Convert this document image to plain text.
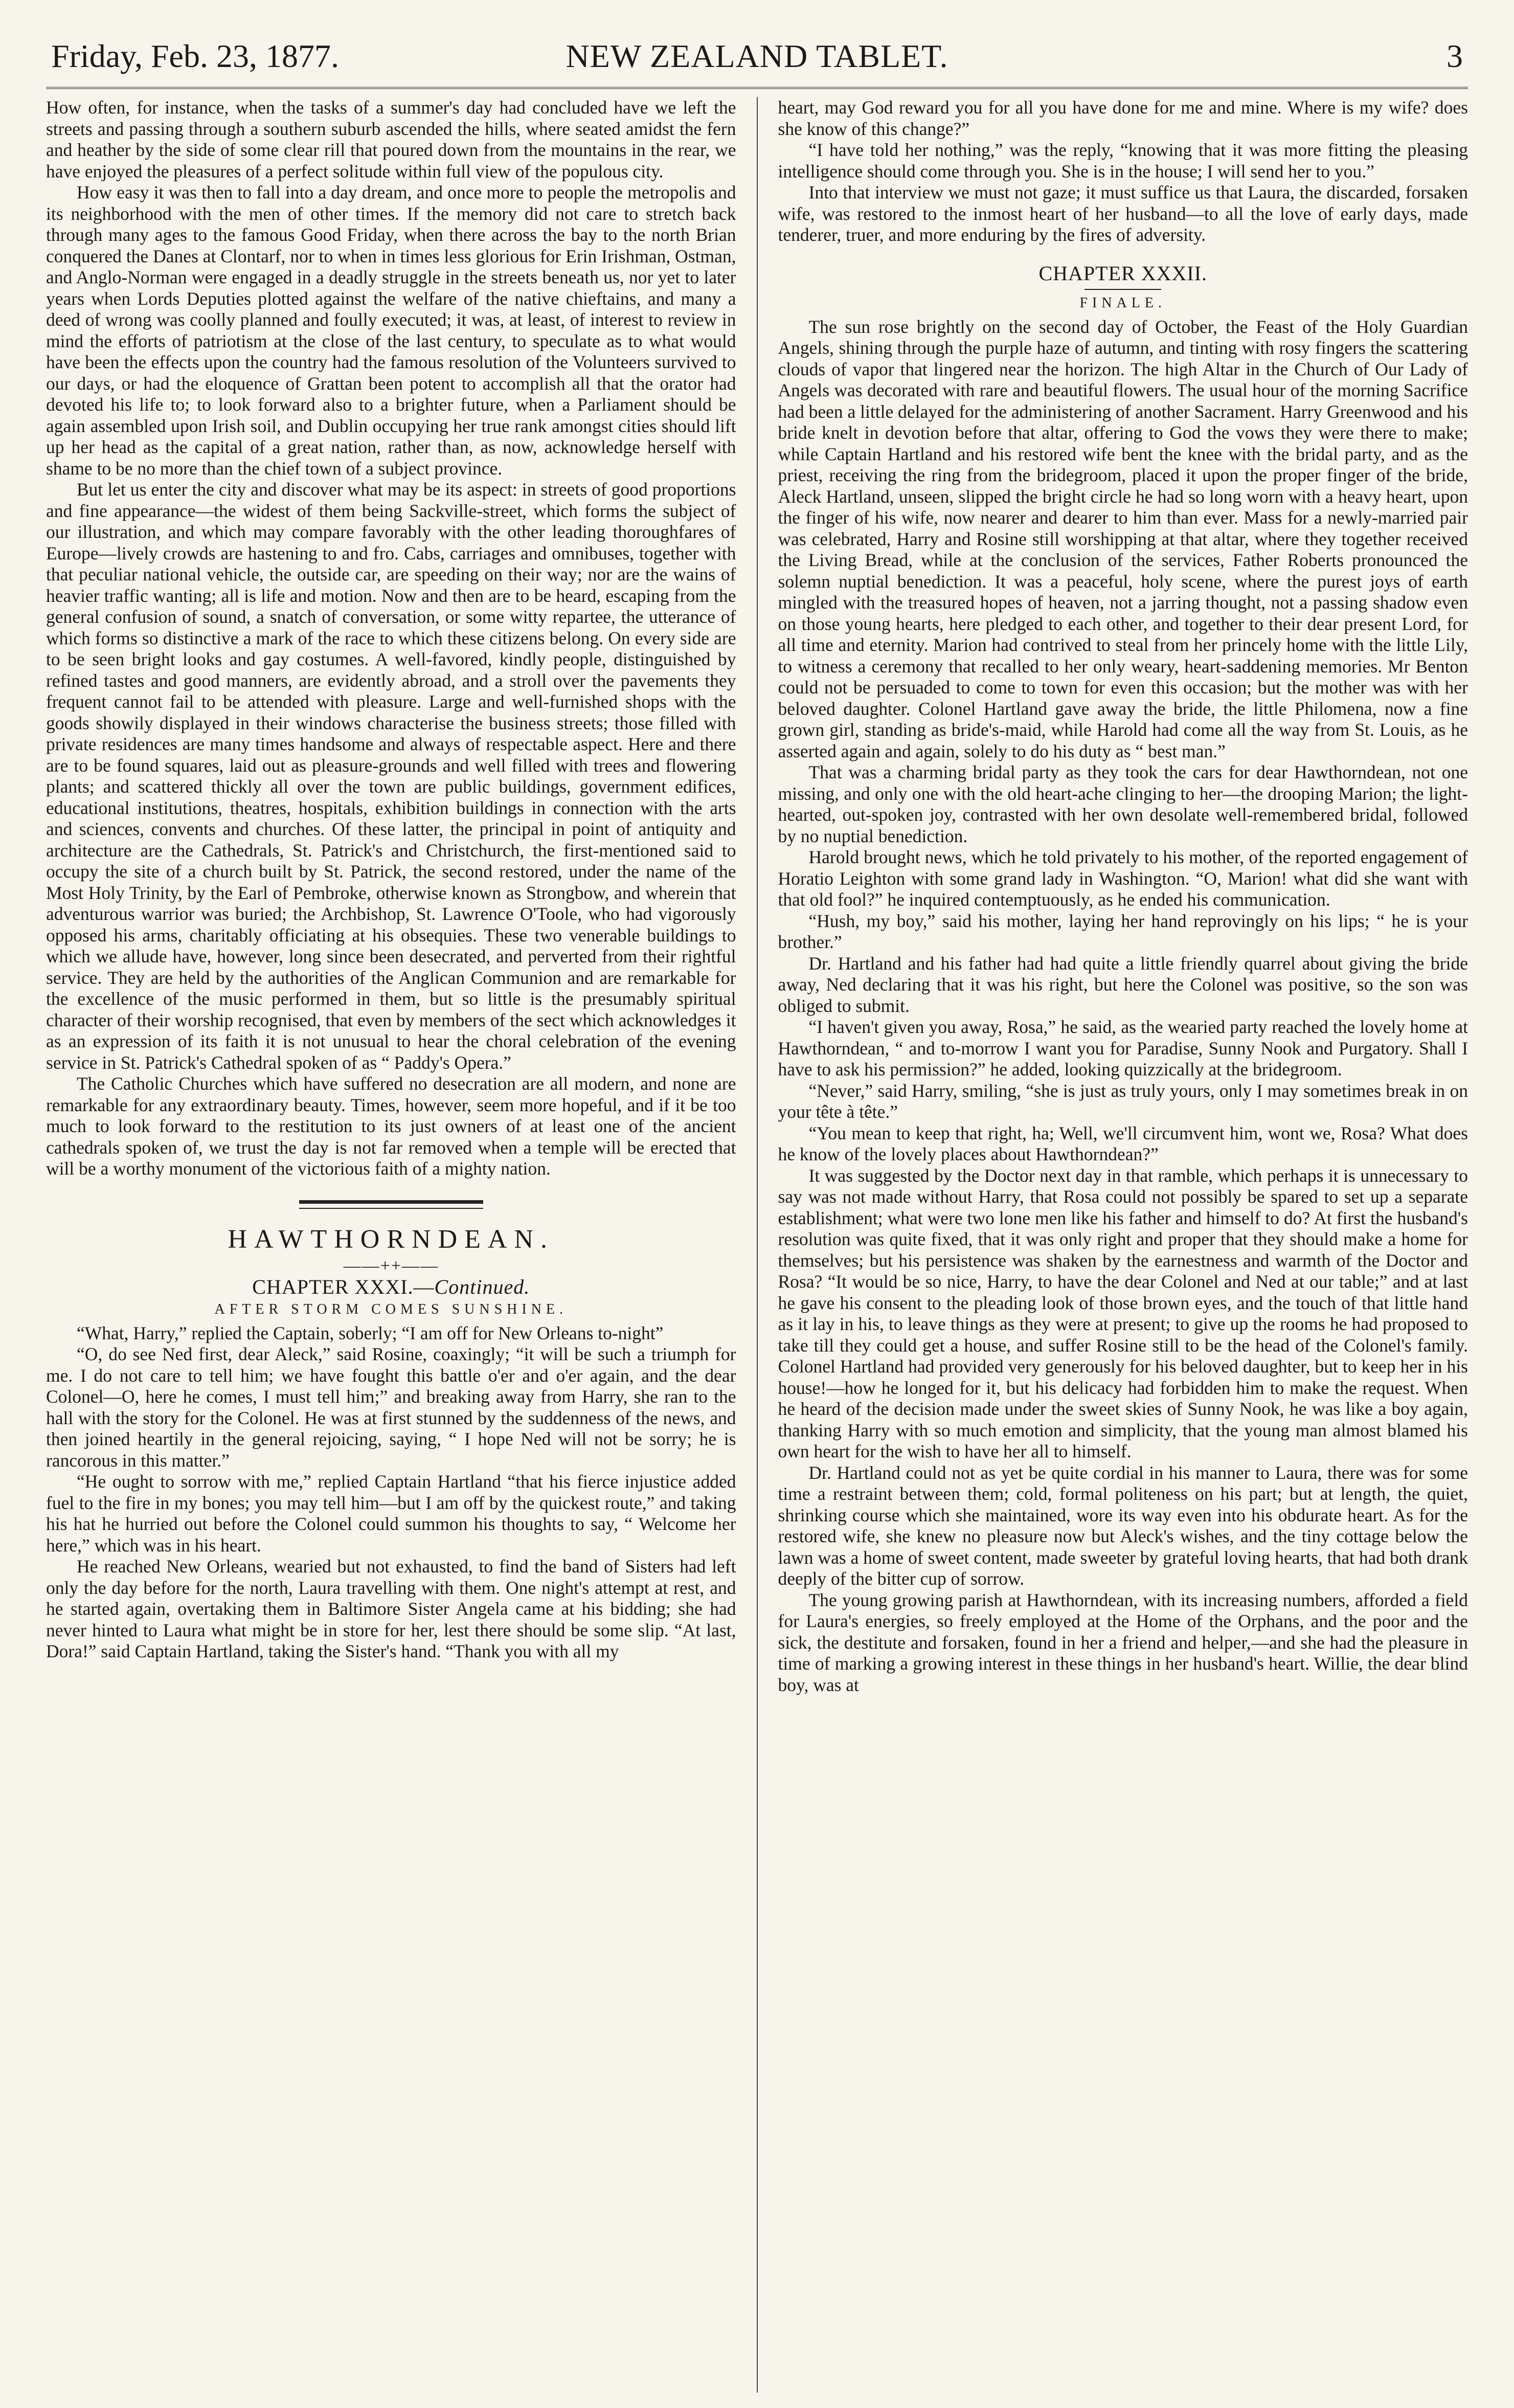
Friday, Feb. 23, 1877.	NEW ZEALAND TABLET.	3

How often, for instance, when the tasks of a summer's day had concluded have we left the streets and passing through a southern suburb ascended the hills, where seated amidst the fern and heather by the side of some clear rill that poured down from the mountains in the rear, we have enjoyed the pleasures of a perfect solitude within full view of the populous city.

How easy it was then to fall into a day dream, and once more to people the metropolis and its neighborhood with the men of other times. If the memory did not care to stretch back through many ages to the famous Good Friday, when there across the bay to the north Brian conquered the Danes at Clontarf, nor to when in times less glorious for Erin Irishman, Ostman, and Anglo-Norman were engaged in a deadly struggle in the streets beneath us, nor yet to later years when Lords Deputies plotted against the welfare of the native chieftains, and many a deed of wrong was coolly planned and foully executed; it was, at least, of interest to review in mind the efforts of patriotism at the close of the last century, to speculate as to what would have been the effects upon the country had the famous resolution of the Volunteers survived to our days, or had the eloquence of Grattan been potent to accomplish all that the orator had devoted his life to; to look forward also to a brighter future, when a Parliament should be again assembled upon Irish soil, and Dublin occupying her true rank amongst cities should lift up her head as the capital of a great nation, rather than, as now, acknowledge herself with shame to be no more than the chief town of a subject province.

But let us enter the city and discover what may be its aspect: in streets of good proportions and fine appearance—the widest of them being Sackville-street, which forms the subject of our illustration, and which may compare favorably with the other leading thoroughfares of Europe—lively crowds are hastening to and fro. Cabs, carriages and omnibuses, together with that peculiar national vehicle, the outside car, are speeding on their way; nor are the wains of heavier traffic wanting; all is life and motion. Now and then are to be heard, escaping from the general confusion of sound, a snatch of conversation, or some witty repartee, the utterance of which forms so distinctive a mark of the race to which these citizens belong. On every side are to be seen bright looks and gay costumes. A well-favored, kindly people, distinguished by refined tastes and good manners, are evidently abroad, and a stroll over the pavements they frequent cannot fail to be attended with pleasure. Large and well-furnished shops with the goods showily displayed in their windows characterise the business streets; those filled with private residences are many times handsome and always of respectable aspect. Here and there are to be found squares, laid out as pleasure-grounds and well filled with trees and flowering plants; and scattered thickly all over the town are public buildings, government edifices, educational institutions, theatres, hospitals, exhibition buildings in connection with the arts and sciences, convents and churches. Of these latter, the principal in point of antiquity and architecture are the Cathedrals, St. Patrick's and Christchurch, the first-mentioned said to occupy the site of a church built by St. Patrick, the second restored, under the name of the Most Holy Trinity, by the Earl of Pembroke, otherwise known as Strongbow, and wherein that adventurous warrior was buried; the Archbishop, St. Lawrence O'Toole, who had vigorously opposed his arms, charitably officiating at his obsequies. These two venerable buildings to which we allude have, however, long since been desecrated, and perverted from their rightful service. They are held by the authorities of the Anglican Communion and are remarkable for the excellence of the music performed in them, but so little is the presumably spiritual character of their worship recognised, that even by members of the sect which acknowledges it as an expression of its faith it is not unusual to hear the choral celebration of the evening service in St. Patrick's Cathedral spoken of as “ Paddy's Opera.”

The Catholic Churches which have suffered no desecration are all modern, and none are remarkable for any extraordinary beauty. Times, however, seem more hopeful, and if it be too much to look forward to the restitution to its just owners of at least one of the ancient cathedrals spoken of, we trust the day is not far removed when a temple will be erected that will be a worthy monument of the victorious faith of a mighty nation.

HAWTHORNDEAN.

——++——

CHAPTER XXXI.—Continued.

AFTER STORM COMES SUNSHINE.

“What, Harry,” replied the Captain, soberly; “I am off for New Orleans to-night”

“O, do see Ned first, dear Aleck,” said Rosine, coaxingly; “it will be such a triumph for me. I do not care to tell him; we have fought this battle o'er and o'er again, and the dear Colonel—O, here he comes, I must tell him;” and breaking away from Harry, she ran to the hall with the story for the Colonel. He was at first stunned by the suddenness of the news, and then joined heartily in the general rejoicing, saying, “ I hope Ned will not be sorry; he is rancorous in this matter.”

“He ought to sorrow with me,” replied Captain Hartland “that his fierce injustice added fuel to the fire in my bones; you may tell him—but I am off by the quickest route,” and taking his hat he hurried out before the Colonel could summon his thoughts to say, “ Welcome her here,” which was in his heart.

He reached New Orleans, wearied but not exhausted, to find the band of Sisters had left only the day before for the north, Laura travelling with them. One night's attempt at rest, and he started again, overtaking them in Baltimore Sister Angela came at his bidding; she had never hinted to Laura what might be in store for her, lest there should be some slip. “At last, Dora!” said Captain Hartland, taking the Sister's hand. “Thank you with all my

heart, may God reward you for all you have done for me and mine. Where is my wife? does she know of this change?”

“I have told her nothing,” was the reply, “knowing that it was more fitting the pleasing intelligence should come through you. She is in the house; I will send her to you.”

Into that interview we must not gaze; it must suffice us that Laura, the discarded, forsaken wife, was restored to the inmost heart of her husband—to all the love of early days, made tenderer, truer, and more enduring by the fires of adversity.

CHAPTER XXXII.

FINALE.

The sun rose brightly on the second day of October, the Feast of the Holy Guardian Angels, shining through the purple haze of autumn, and tinting with rosy fingers the scattering clouds of vapor that lingered near the horizon. The high Altar in the Church of Our Lady of Angels was decorated with rare and beautiful flowers. The usual hour of the morning Sacrifice had been a little delayed for the administering of another Sacrament. Harry Greenwood and his bride knelt in devotion before that altar, offering to God the vows they were there to make; while Captain Hartland and his restored wife bent the knee with the bridal party, and as the priest, receiving the ring from the bridegroom, placed it upon the proper finger of the bride, Aleck Hartland, unseen, slipped the bright circle he had so long worn with a heavy heart, upon the finger of his wife, now nearer and dearer to him than ever. Mass for a newly-married pair was celebrated, Harry and Rosine still worshipping at that altar, where they together received the Living Bread, while at the conclusion of the services, Father Roberts pronounced the solemn nuptial benediction. It was a peaceful, holy scene, where the purest joys of earth mingled with the treasured hopes of heaven, not a jarring thought, not a passing shadow even on those young hearts, here pledged to each other, and together to their dear present Lord, for all time and eternity. Marion had contrived to steal from her princely home with the little Lily, to witness a ceremony that recalled to her only weary, heart-saddening memories. Mr Benton could not be persuaded to come to town for even this occasion; but the mother was with her beloved daughter. Colonel Hartland gave away the bride, the little Philomena, now a fine grown girl, standing as bride's-maid, while Harold had come all the way from St. Louis, as he asserted again and again, solely to do his duty as “ best man.”

That was a charming bridal party as they took the cars for dear Hawthorndean, not one missing, and only one with the old heart-ache clinging to her—the drooping Marion; the light-hearted, out-spoken joy, contrasted with her own desolate well-remembered bridal, followed by no nuptial benediction.

Harold brought news, which he told privately to his mother, of the reported engagement of Horatio Leighton with some grand lady in Washington. “O, Marion! what did she want with that old fool?” he inquired contemptuously, as he ended his communication.

“Hush, my boy,” said his mother, laying her hand reprovingly on his lips; “ he is your brother.”

Dr. Hartland and his father had had quite a little friendly quarrel about giving the bride away, Ned declaring that it was his right, but here the Colonel was positive, so the son was obliged to submit.

“I haven't given you away, Rosa,” he said, as the wearied party reached the lovely home at Hawthorndean, “ and to-morrow I want you for Paradise, Sunny Nook and Purgatory. Shall I have to ask his permission?” he added, looking quizzically at the bridegroom.

“Never,” said Harry, smiling, “she is just as truly yours, only I may sometimes break in on your tête à tête.”

“You mean to keep that right, ha; Well, we'll circumvent him, wont we, Rosa? What does he know of the lovely places about Hawthorndean?”

It was suggested by the Doctor next day in that ramble, which perhaps it is unnecessary to say was not made without Harry, that Rosa could not possibly be spared to set up a separate establishment; what were two lone men like his father and himself to do? At first the husband's resolution was quite fixed, that it was only right and proper that they should make a home for themselves; but his persistence was shaken by the earnestness and warmth of the Doctor and Rosa? “It would be so nice, Harry, to have the dear Colonel and Ned at our table;” and at last he gave his consent to the pleading look of those brown eyes, and the touch of that little hand as it lay in his, to leave things as they were at present; to give up the rooms he had proposed to take till they could get a house, and suffer Rosine still to be the head of the Colonel's family. Colonel Hartland had provided very generously for his beloved daughter, but to keep her in his house!—how he longed for it, but his delicacy had forbidden him to make the request. When he heard of the decision made under the sweet skies of Sunny Nook, he was like a boy again, thanking Harry with so much emotion and simplicity, that the young man almost blamed his own heart for the wish to have her all to himself.

Dr. Hartland could not as yet be quite cordial in his manner to Laura, there was for some time a restraint between them; cold, formal politeness on his part; but at length, the quiet, shrinking course which she maintained, wore its way even into his obdurate heart. As for the restored wife, she knew no pleasure now but Aleck's wishes, and the tiny cottage below the lawn was a home of sweet content, made sweeter by grateful loving hearts, that had both drank deeply of the bitter cup of sorrow.

The young growing parish at Hawthorndean, with its increasing numbers, afforded a field for Laura's energies, so freely employed at the Home of the Orphans, and the poor and the sick, the destitute and forsaken, found in her a friend and helper,—and she had the pleasure in time of marking a growing interest in these things in her husband's heart. Willie, the dear blind boy, was at
